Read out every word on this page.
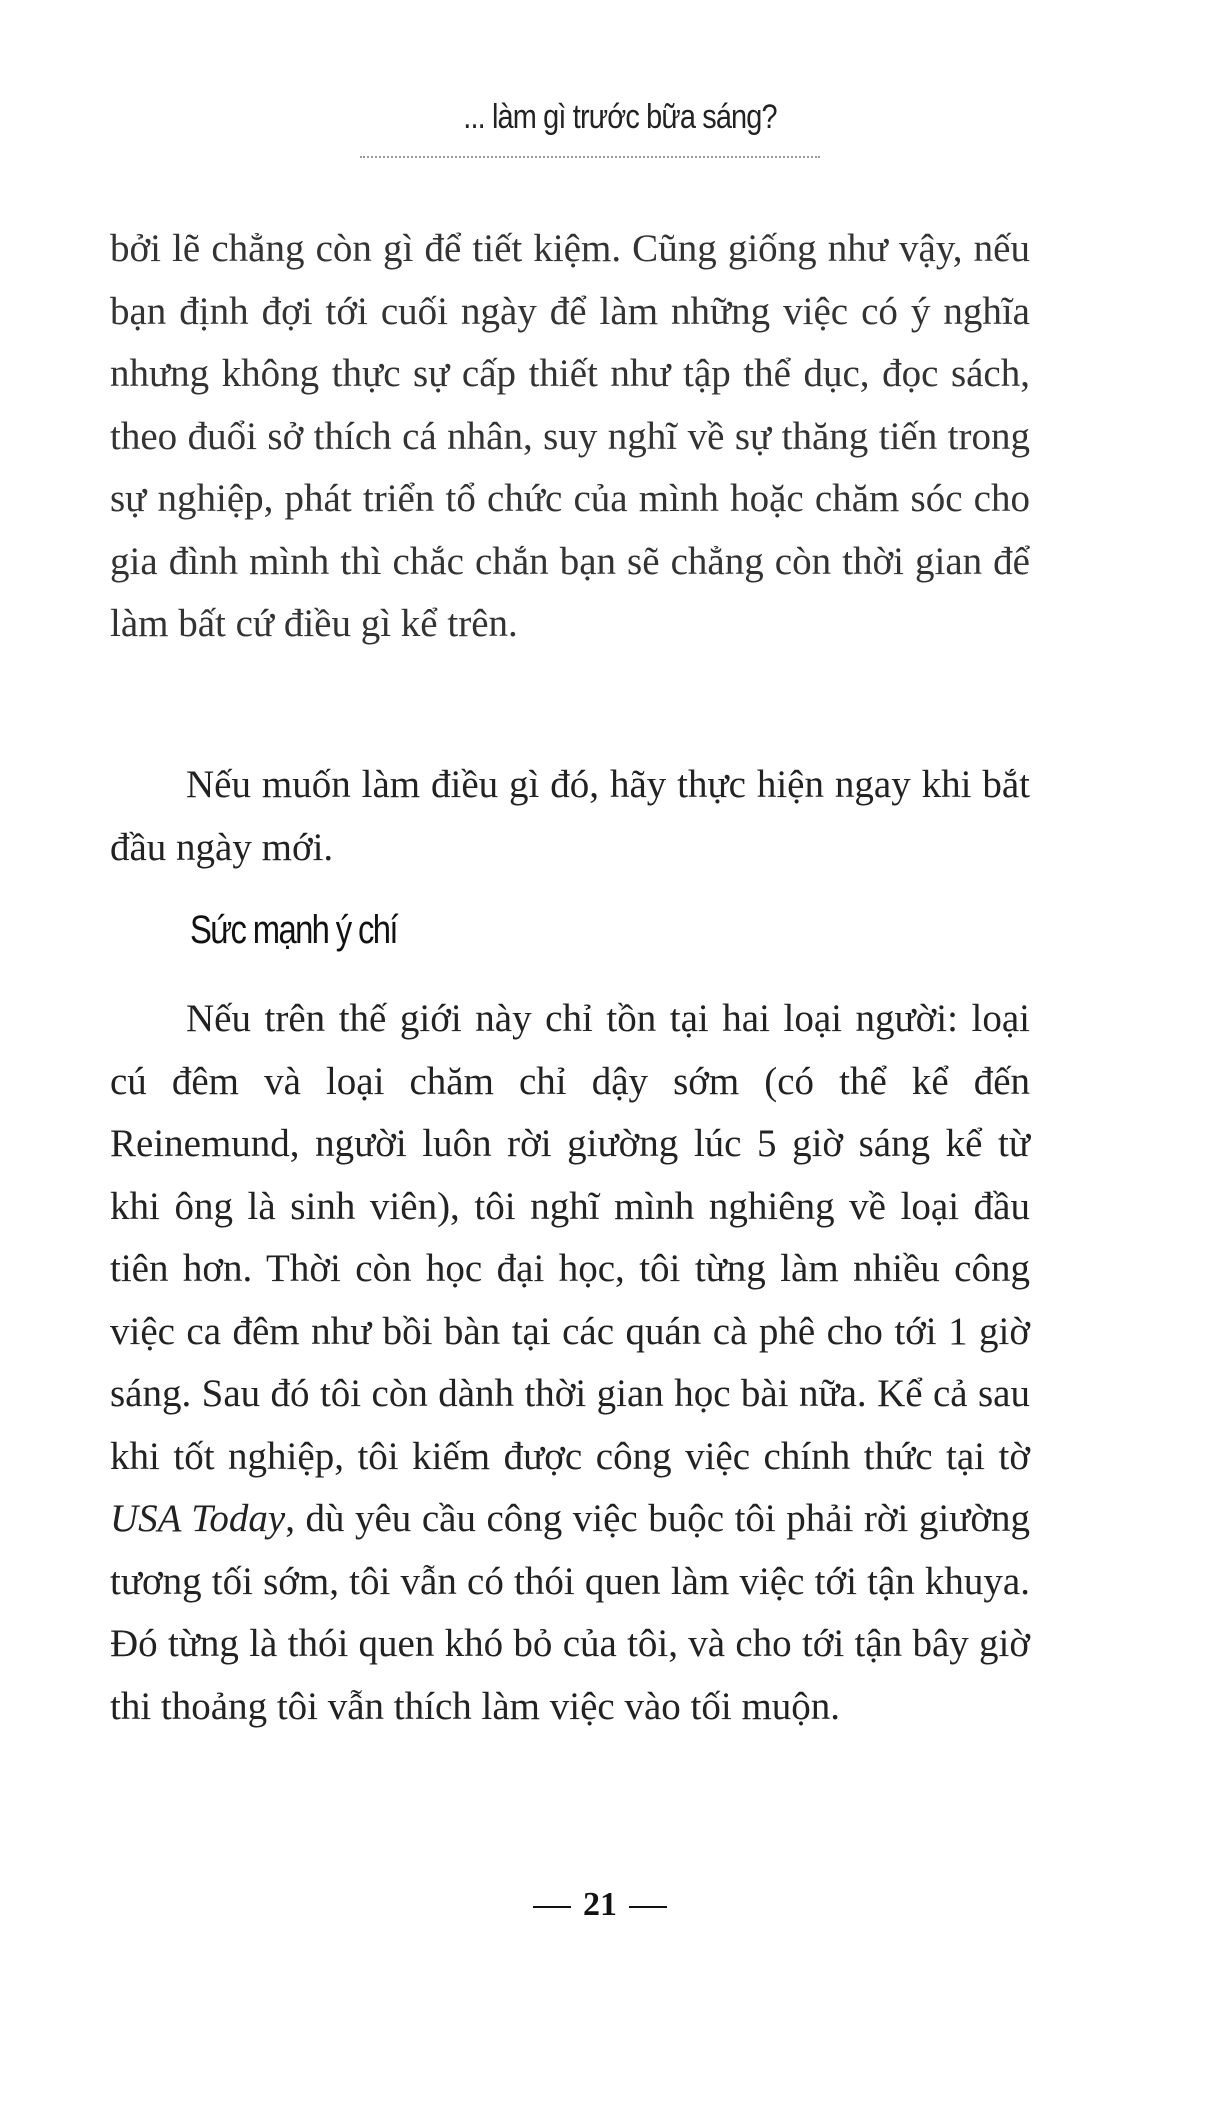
... làm gì trước bữa sáng?

bởi lẽ chẳng còn gì để tiết kiệm. Cũng giống như vậy, nếu bạn định đợi tới cuối ngày để làm những việc có ý nghĩa nhưng không thực sự cấp thiết như tập thể dục, đọc sách, theo đuổi sở thích cá nhân, suy nghĩ về sự thăng tiến trong sự nghiệp, phát triển tổ chức của mình hoặc chăm sóc cho gia đình mình thì chắc chắn bạn sẽ chẳng còn thời gian để làm bất cứ điều gì kể trên.

Nếu muốn làm điều gì đó, hãy thực hiện ngay khi bắt đầu ngày mới.

Sức mạnh ý chí

Nếu trên thế giới này chỉ tồn tại hai loại người: loại cú đêm và loại chăm chỉ dậy sớm (có thể kể đến Reinemund, người luôn rời giường lúc 5 giờ sáng kể từ khi ông là sinh viên), tôi nghĩ mình nghiêng về loại đầu tiên hơn. Thời còn học đại học, tôi từng làm nhiều công việc ca đêm như bồi bàn tại các quán cà phê cho tới 1 giờ sáng. Sau đó tôi còn dành thời gian học bài nữa. Kể cả sau khi tốt nghiệp, tôi kiếm được công việc chính thức tại tờ USA Today, dù yêu cầu công việc buộc tôi phải rời giường tương tối sớm, tôi vẫn có thói quen làm việc tới tận khuya. Đó từng là thói quen khó bỏ của tôi, và cho tới tận bây giờ thi thoảng tôi vẫn thích làm việc vào tối muộn.

21
